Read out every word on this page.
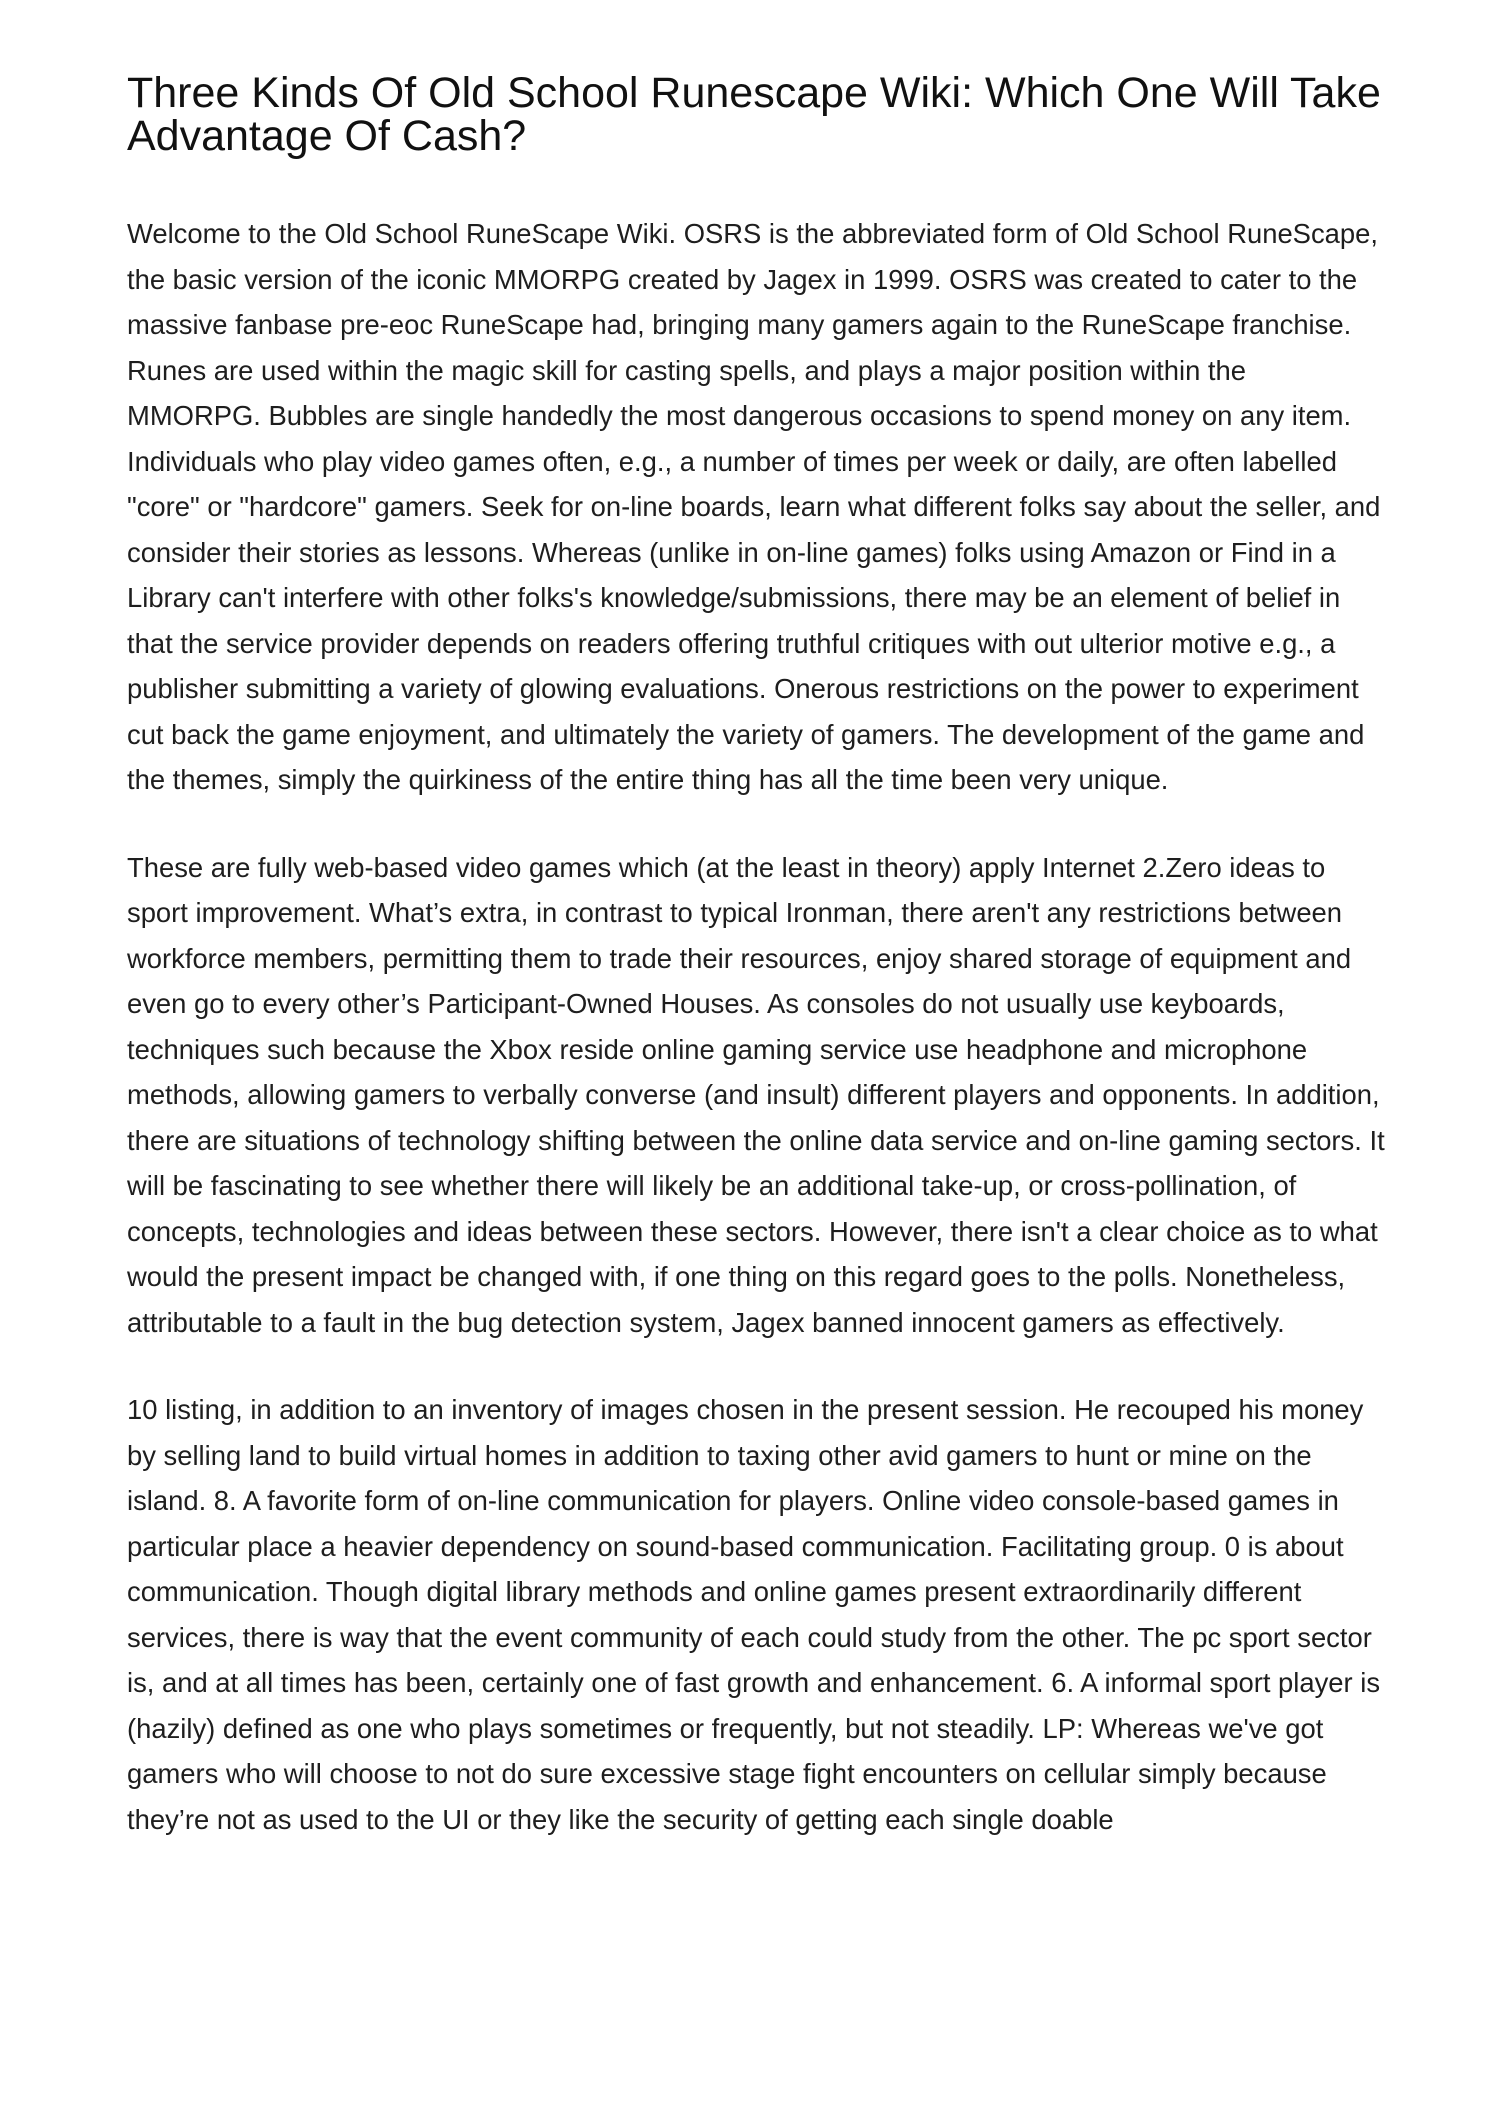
Three Kinds Of Old School Runescape Wiki: Which One Will Take Advantage Of Cash?

Welcome to the Old School RuneScape Wiki. OSRS is the abbreviated form of Old School RuneScape, the basic version of the iconic MMORPG created by Jagex in 1999. OSRS was created to cater to the massive fanbase pre-eoc RuneScape had, bringing many gamers again to the RuneScape franchise. Runes are used within the magic skill for casting spells, and plays a major position within the MMORPG. Bubbles are single handedly the most dangerous occasions to spend money on any item. Individuals who play video games often, e.g., a number of times per week or daily, are often labelled "core" or "hardcore" gamers. Seek for on-line boards, learn what different folks say about the seller, and consider their stories as lessons. Whereas (unlike in on-line games) folks using Amazon or Find in a Library can't interfere with other folks's knowledge/submissions, there may be an element of belief in that the service provider depends on readers offering truthful critiques with out ulterior motive e.g., a publisher submitting a variety of glowing evaluations. Onerous restrictions on the power to experiment cut back the game enjoyment, and ultimately the variety of gamers. The development of the game and the themes, simply the quirkiness of the entire thing has all the time been very unique.

These are fully web-based video games which (at the least in theory) apply Internet 2.Zero ideas to sport improvement. What’s extra, in contrast to typical Ironman, there aren't any restrictions between workforce members, permitting them to trade their resources, enjoy shared storage of equipment and even go to every other’s Participant-Owned Houses. As consoles do not usually use keyboards, techniques such because the Xbox reside online gaming service use headphone and microphone methods, allowing gamers to verbally converse (and insult) different players and opponents. In addition, there are situations of technology shifting between the online data service and on-line gaming sectors. It will be fascinating to see whether there will likely be an additional take-up, or cross-pollination, of concepts, technologies and ideas between these sectors. However, there isn't a clear choice as to what would the present impact be changed with, if one thing on this regard goes to the polls. Nonetheless, attributable to a fault in the bug detection system, Jagex banned innocent gamers as effectively.

10 listing, in addition to an inventory of images chosen in the present session. He recouped his money by selling land to build virtual homes in addition to taxing other avid gamers to hunt or mine on the island. 8. A favorite form of on-line communication for players. Online video console-based games in particular place a heavier dependency on sound-based communication. Facilitating group. 0 is about communication. Though digital library methods and online games present extraordinarily different services, there is way that the event community of each could study from the other. The pc sport sector is, and at all times has been, certainly one of fast growth and enhancement. 6. A informal sport player is (hazily) defined as one who plays sometimes or frequently, but not steadily. LP: Whereas we've got gamers who will choose to not do sure excessive stage fight encounters on cellular simply because they’re not as used to the UI or they like the security of getting each single doable
